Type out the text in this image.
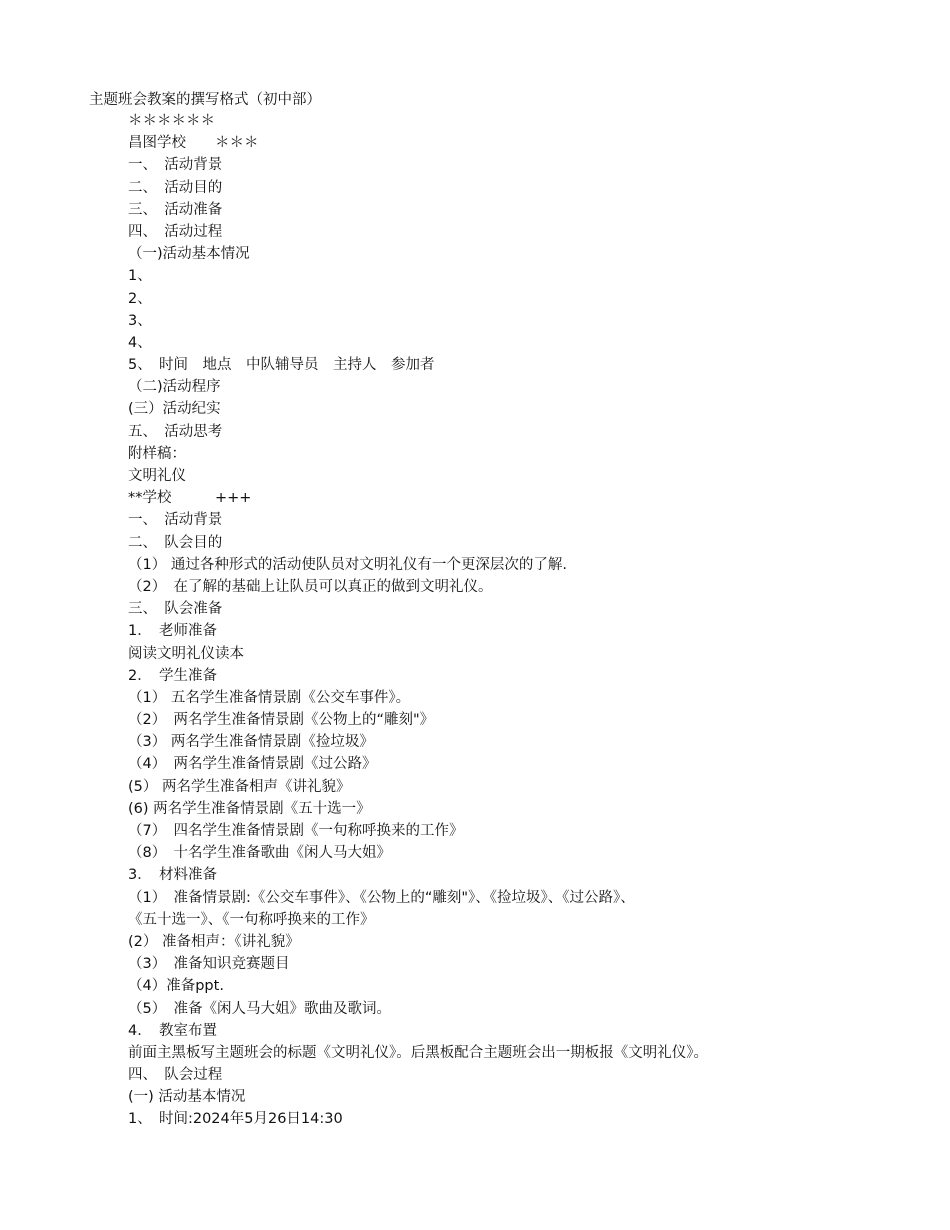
主题班会教案的撰写格式（初中部）
＊＊＊＊＊＊
昌图学校　　＊＊＊
一、　活动背景
二、　活动目的
三、　活动准备
四、　活动过程
（一)活动基本情况
1、
2、
3、
4、
5、　时间　地点　中队辅导员　主持人　参加者
（二)活动程序
(三）活动纪实
五、　活动思考
附样稿：
文明礼仪
**学校　　　+++
一、　活动背景
二、　队会目的
（1） 通过各种形式的活动使队员对文明礼仪有一个更深层次的了解.
（2）　在了解的基础上让队员可以真正的做到文明礼仪。
三、　队会准备
1．　老师准备
阅读文明礼仪读本
2．　学生准备
（1） 五名学生准备情景剧《公交车事件》。
（2）　两名学生准备情景剧《公物上的“雕刻"》
（3） 两名学生准备情景剧《捡垃圾》
（4）　两名学生准备情景剧《过公路》
(5） 两名学生准备相声《讲礼貌》
(6) 两名学生准备情景剧《五十选一》
（7）　四名学生准备情景剧《一句称呼换来的工作》
（8）　十名学生准备歌曲《闲人马大姐》
3．　材料准备
（1）　准备情景剧:《公交车事件》、《公物上的“雕刻"》、《捡垃圾》、《过公路》、
《五十选一》、《一句称呼换来的工作》
(2） 准备相声：《讲礼貌》
（3）　准备知识竞赛题目
（4）准备ppt.
（5）　准备《闲人马大姐》歌曲及歌词。
4．　教室布置
前面主黑板写主题班会的标题《文明礼仪》。后黑板配合主题班会出一期板报《文明礼仪》。
四、　队会过程
(一) 活动基本情况
1、　时间:2024年5月26日14:30
